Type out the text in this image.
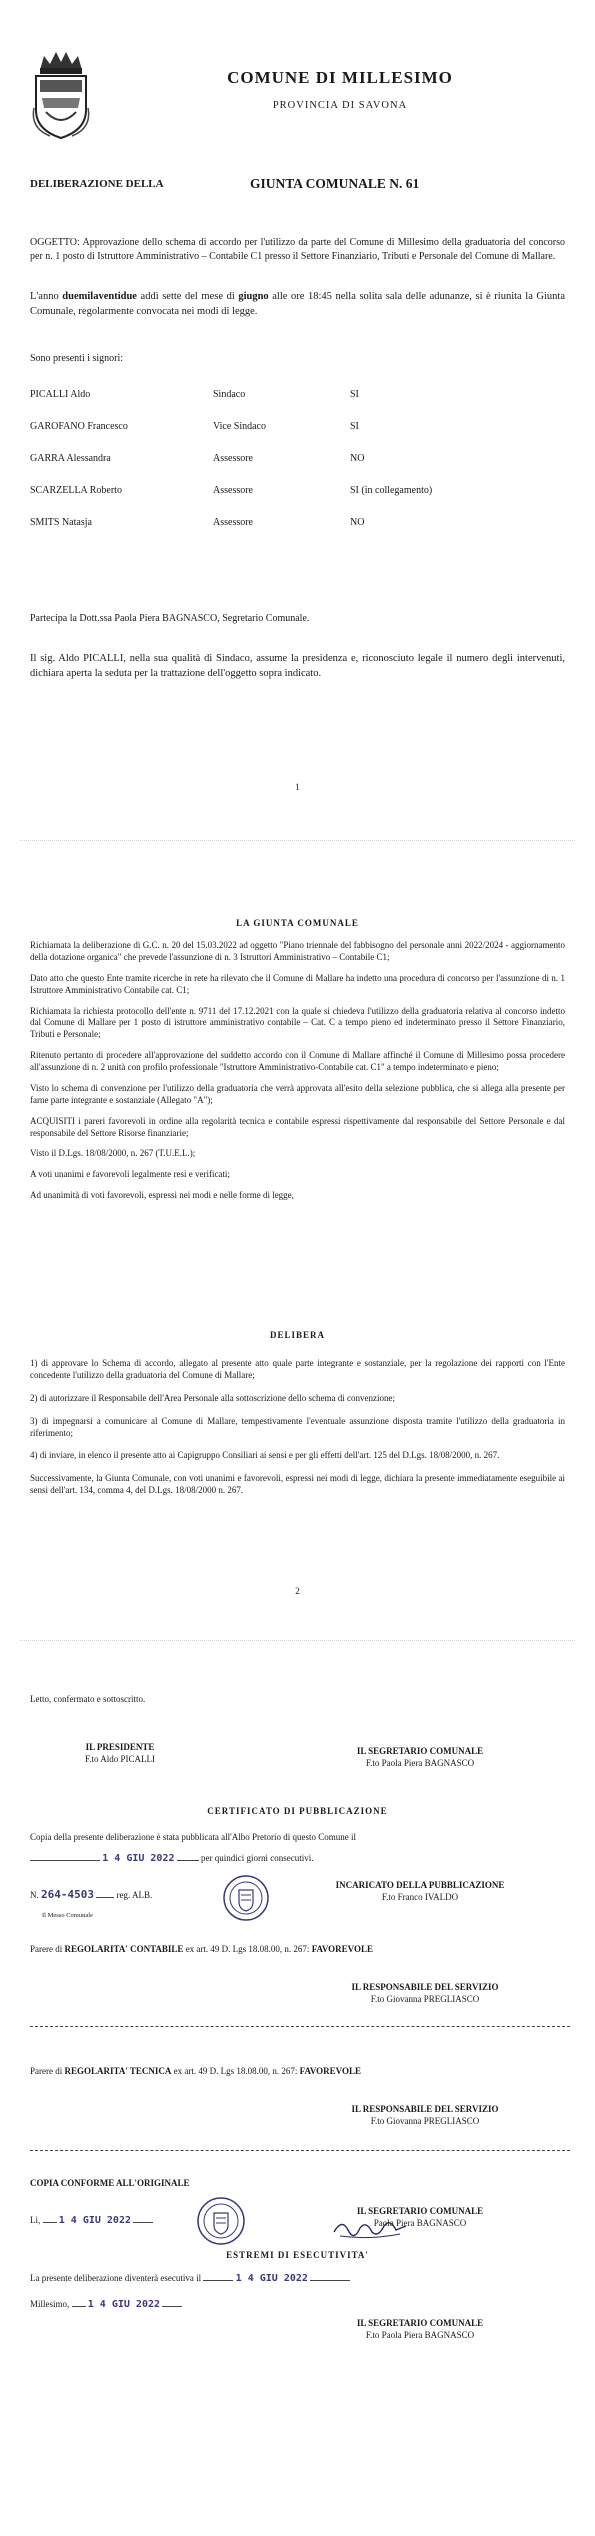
COMUNE DI MILLESIMO
PROVINCIA DI SAVONA
DELIBERAZIONE DELLA	GIUNTA COMUNALE N. 61
OGGETTO: Approvazione dello schema di accordo per l'utilizzo da parte del Comune di Millesimo della graduatoria del concorso per n. 1 posto di Istruttore Amministrativo – Contabile C1 presso il Settore Finanziario, Tributi e Personale del Comune di Mallare.
L'anno duemilaventidue addì sette del mese di giugno alle ore 18:45 nella solita sala delle adunanze, si è riunita la Giunta Comunale, regolarmente convocata nei modi di legge.
Sono presenti i signori:
PICALLI Aldo	Sindaco	SI
GAROFANO Francesco	Vice Sindaco	SI
GARRA Alessandra	Assessore	NO
SCARZELLA Roberto	Assessore	SI (in collegamento)
SMITS Natasja	Assessore	NO
Partecipa la Dott.ssa Paola Piera BAGNASCO, Segretario Comunale.
Il sig. Aldo PICALLI, nella sua qualità di Sindaco, assume la presidenza e, riconosciuto legale il numero degli intervenuti, dichiara aperta la seduta per la trattazione dell'oggetto sopra indicato.
1
LA GIUNTA COMUNALE

Richiamata la deliberazione di G.C. n. 20 del 15.03.2022 ad oggetto "Piano triennale del fabbisogno del personale anni 2022/2024 - aggiornamento della dotazione organica" che prevede l'assunzione di n. 3 Istruttori Amministrativo – Contabile C1;

Dato atto che questo Ente tramite ricerche in rete ha rilevato che il Comune di Mallare ha indetto una procedura di concorso per l'assunzione di n. 1 Istruttore Amministrativo Contabile cat. C1;

Richiamata la richiesta protocollo dell'ente n. 9711 del 17.12.2021 con la quale si chiedeva l'utilizzo della graduatoria relativa al concorso indetto dal Comune di Mallare per 1 posto di istruttore amministrativo contabile – Cat. C a tempo pieno ed indeterminato presso il Settore Finanziario, Tributi e Personale;

Ritenuto pertanto di procedere all'approvazione del suddetto accordo con il Comune di Mallare affinché il Comune di Millesimo possa procedere all'assunzione di n. 2 unità con profilo professionale "Istruttore Amministrativo-Contabile cat. C1" a tempo indeterminato e pieno;

Visto lo schema di convenzione per l'utilizzo della graduatoria che verrà approvata all'esito della selezione pubblica, che si allega alla presente per farne parte integrante e sostanziale (Allegato "A");

ACQUISITI i pareri favorevoli in ordine alla regolarità tecnica e contabile espressi rispettivamente dal responsabile del Settore Personale e dal responsabile del Settore Risorse finanziarie;

Visto il D.Lgs. 18/08/2000, n. 267 (T.U.E.L.);

A voti unanimi e favorevoli legalmente resi e verificati;

Ad unanimità di voti favorevoli, espressi nei modi e nelle forme di legge,

DELIBERA

1) di approvare lo Schema di accordo, allegato al presente atto quale parte integrante e sostanziale, per la regolazione dei rapporti con l'Ente concedente l'utilizzo della graduatoria del Comune di Mallare;

2) di autorizzare il Responsabile dell'Area Personale alla sottoscrizione dello schema di convenzione;

3) di impegnarsi a comunicare al Comune di Mallare, tempestivamente l'eventuale assunzione disposta tramite l'utilizzo della graduatoria in riferimento;

4) di inviare, in elenco il presente atto ai Capigruppo Consiliari ai sensi e per gli effetti dell'art. 125 del D.Lgs. 18/08/2000, n. 267.

Successivamente, la Giunta Comunale, con voti unanimi e favorevoli, espressi nei modi di legge, dichiara la presente immediatamente eseguibile ai sensi dell'art. 134, comma 4, del D.Lgs. 18/08/2000 n. 267.

2
Letto, confermato e sottoscritto.
IL PRESIDENTE
F.to Aldo PICALLI
IL SEGRETARIO COMUNALE
F.to Paola Piera BAGNASCO
CERTIFICATO DI PUBBLICAZIONE
Copia della presente deliberazione è stata pubblicata all'Albo Pretorio di questo Comune il
1 4 GIU 2022	per quindici giorni consecutivi.
N. 264-4503	reg. ALB.
Il Messo Comunale
INCARICATO DELLA PUBBLICAZIONE
F.to Franco IVALDO
Parere di REGOLARITA' CONTABILE ex art. 49 D. Lgs 18.08.00, n. 267: FAVOREVOLE
IL RESPONSABILE DEL SERVIZIO
F.to Giovanna PREGLIASCO
Parere di REGOLARITA' TECNICA ex art. 49 D. Lgs 18.08.00, n. 267: FAVOREVOLE
IL RESPONSABILE DEL SERVIZIO
F.to Giovanna PREGLIASCO
COPIA CONFORME ALL'ORIGINALE
Li, 1 4 GIU 2022
IL SEGRETARIO COMUNALE
Paola Piera BAGNASCO
ESTREMI DI ESECUTIVITA'
La presente deliberazione diventerà esecutiva il	1 4 GIU 2022
Millesimo, 1 4 GIU 2022
IL SEGRETARIO COMUNALE
F.to Paola Piera BAGNASCO
